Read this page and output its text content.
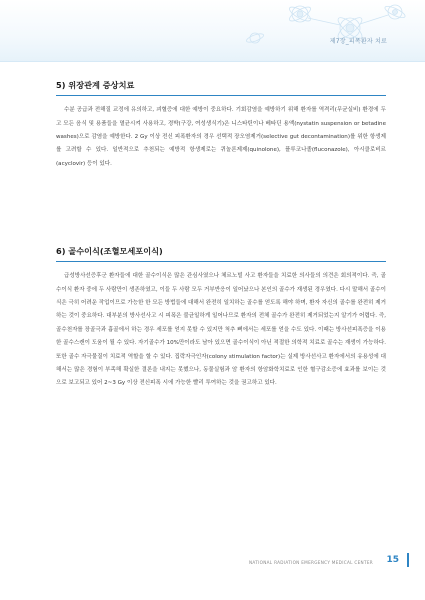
제7장_피폭환자 치료
5) 위장관계 증상치료

수분 공급과 전해질 교정에 유의하고, 괴혈증에 대한 예방이 중요하다. 기회감염을 예방하기 위해 환자를 역격리(무균실비) 환경에 두고 모든 음식 및 용품들을 멸균시켜 사용하고, 경박(구강, 여성생식기)은 니스타틴이나 베타딘 용액(nystatin suspension or betadine washes)으로 감염을 예방한다. 2 Gy 이상 전신 피폭환자의 경우 선택적 장오염제거(selective gut decontamination)를 위한 항생제를 고려할 수 있다. 일반적으로 추천되는 예방적 항생제로는 퀴놀론제제(quinolone), 플루코나졸(fluconazole), 아시클로비르(acyclovir) 등이 있다.

6) 골수이식(조혈모세포이식)

급성방사선증후군 환자들에 대한 골수이식은 많은 관심사였으나 체르노빌 사고 환자들을 치료한 의사들의 의견은 회의적이다. 즉, 골수이식 환자 중에 두 사람만이 생존하였고, 이들 두 사람 모두 거부반응이 일어났으나 본인의 골수가 재생된 경우였다. 다시 말해서 골수이식은 극히 어려운 작업이므로 가능한 한 모든 방법들에 대해서 완전히 일치하는 골수를 얻도록 해야 하며, 환자 자신의 골수를 완전히 제거하는 것이 중요하다. 대부분의 방사선사고 시 피폭은 불균일하게 일어나므로 환자의 전체 골수가 완전히 제거되었는지 알기가 어렵다. 즉, 골수천자를 장골극과 흉골에서 하는 경우 세포를 얻지 못할 수 있지만 척추 뼈에서는 세포를 얻을 수도 있다. 이때는 방사선피폭증을 이용한 골수스캔이 도움이 될 수 있다. 자기골수가 10%만이라도 남아 있으면 골수이식이 아닌 적절한 의학적 치료로 골수는 재생이 가능하다. 또한 골수 자극물질이 치료적 역할을 할 수 있다. 집락자극인자(colony stimulation factor)는 실제 방사선사고 환자에서의 유용성에 대해서는 많은 경험이 부족해 확실한 결론을 내지는 못했으나, 동물실험과 암 환자의 항암화학치료로 인한 혈구감소증에 효과를 보이는 것으로 보고되고 있어 2~3 Gy 이상 전신피폭 시에 가능한 빨리 투여하는 것을 권고하고 있다.

NATIONAL RADIATION EMERGENCY MEDICAL CENTER 15
